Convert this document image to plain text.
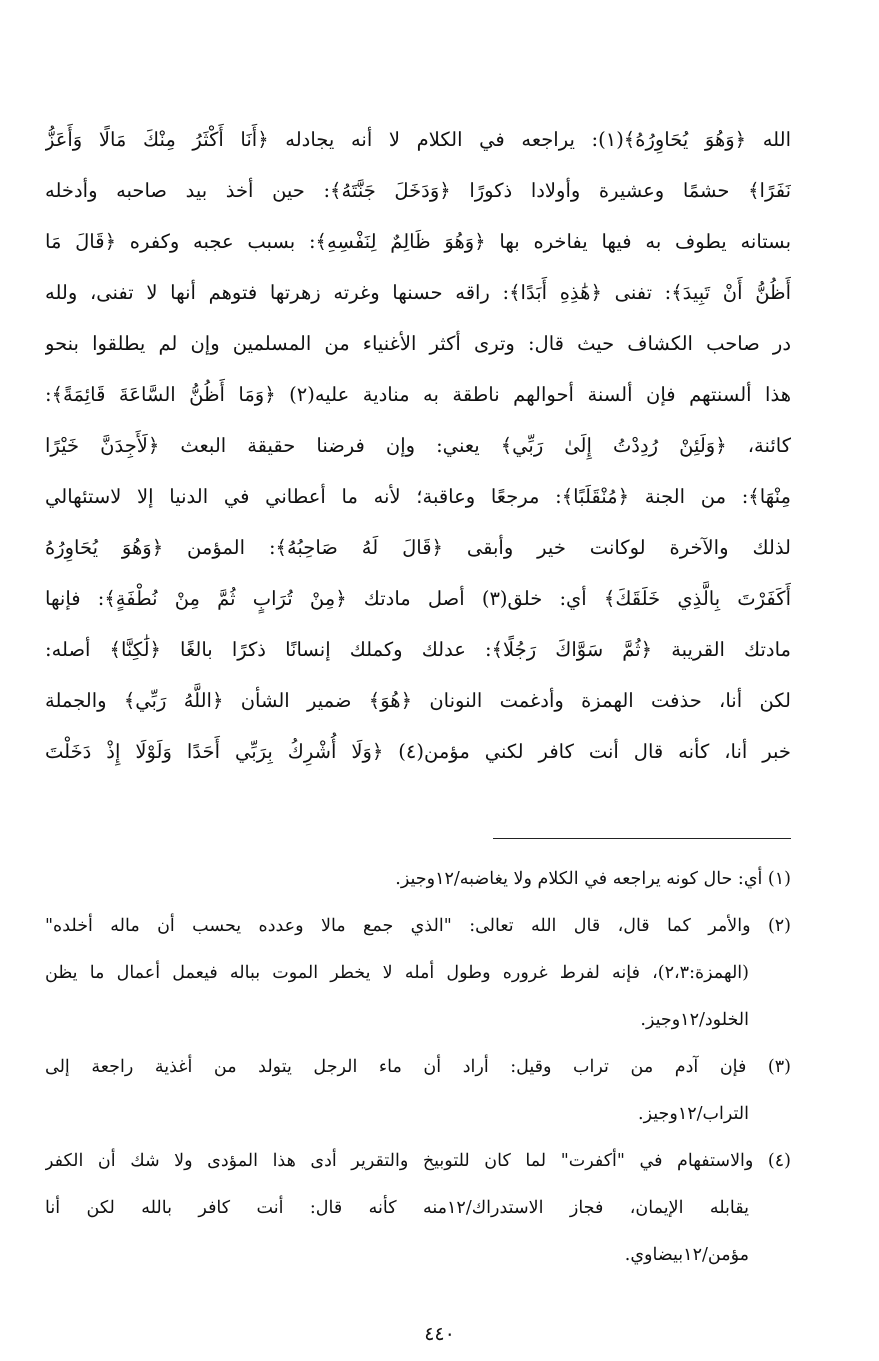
الله ﴿وَهُوَ يُحَاوِرُهُ﴾(١): يراجعه في الكلام لا أنه يجادله ﴿أَنَا أَكْثَرُ مِنْكَ مَالًا وَأَعَزُّ
نَفَرًا﴾ حشمًا وعشيرة وأولادا ذكورًا ﴿وَدَخَلَ جَنَّتَهُ﴾: حين أخذ بيد صاحبه وأدخله
بستانه يطوف به فيها يفاخره بها ﴿وَهُوَ ظَالِمٌ لِنَفْسِهِ﴾: بسبب عجبه وكفره ﴿قَالَ مَا
أَظُنُّ أَنْ تَبِيدَ﴾: تفنى ﴿هَٰذِهِ أَبَدًا﴾: راقه حسنها وغرته زهرتها فتوهم أنها لا تفنى، ولله
در صاحب الكشاف حيث قال: وترى أكثر الأغنياء من المسلمين وإن لم يطلقوا بنحو
هذا ألسنتهم فإن ألسنة أحوالهم ناطقة به منادية عليه(٢) ﴿وَمَا أَظُنُّ السَّاعَةَ قَائِمَةً﴾:
كائنة، ﴿وَلَئِنْ رُدِدْتُ إِلَىٰ رَبِّي﴾ يعني: وإن فرضنا حقيقة البعث ﴿لَأَجِدَنَّ خَيْرًا
مِنْهَا﴾: من الجنة ﴿مُنْقَلَبًا﴾: مرجعًا وعاقبة؛ لأنه ما أعطاني في الدنيا إلا لاستئهالي
لذلك والآخرة لوكانت خير وأبقى ﴿قَالَ لَهُ صَاحِبُهُ﴾: المؤمن ﴿وَهُوَ يُحَاوِرُهُ
أَكَفَرْتَ بِالَّذِي خَلَقَكَ﴾ أي: خلق(٣) أصل مادتك ﴿مِنْ تُرَابٍ ثُمَّ مِنْ نُطْفَةٍ﴾: فإنها
مادتك القريبة ﴿ثُمَّ سَوَّاكَ رَجُلًا﴾: عدلك وكملك إنسانًا ذكرًا بالغًا ﴿لَٰكِنَّا﴾ أصله:
لكن أنا، حذفت الهمزة وأدغمت النونان ﴿هُوَ﴾ ضمير الشأن ﴿اللَّهُ رَبِّي﴾ والجملة
خبر أنا، كأنه قال أنت كافر لكني مؤمن(٤) ﴿وَلَا أُشْرِكُ بِرَبِّي أَحَدًا وَلَوْلَا إِذْ دَخَلْتَ
(١) أي: حال كونه يراجعه في الكلام ولا يغاضبه/١٢وجيز.
(٢) والأمر كما قال، قال الله تعالى: "الذي جمع مالا وعدده يحسب أن ماله أخلده"
(الهمزة:٢،٣)، فإنه لفرط غروره وطول أمله لا يخطر الموت بباله فيعمل أعمال ما يظن
الخلود/١٢وجيز.
(٣) فإن آدم من تراب وقيل: أراد أن ماء الرجل يتولد من أغذية راجعة إلى
التراب/١٢وجيز.
(٤) والاستفهام في "أكفرت" لما كان للتوبيخ والتقرير أدى هذا المؤدى ولا شك أن الكفر
يقابله الإيمان، فجاز الاستدراك/١٢منه كأنه قال: أنت كافر بالله لكن أنا
مؤمن/١٢بيضاوي.
٤٤٠
